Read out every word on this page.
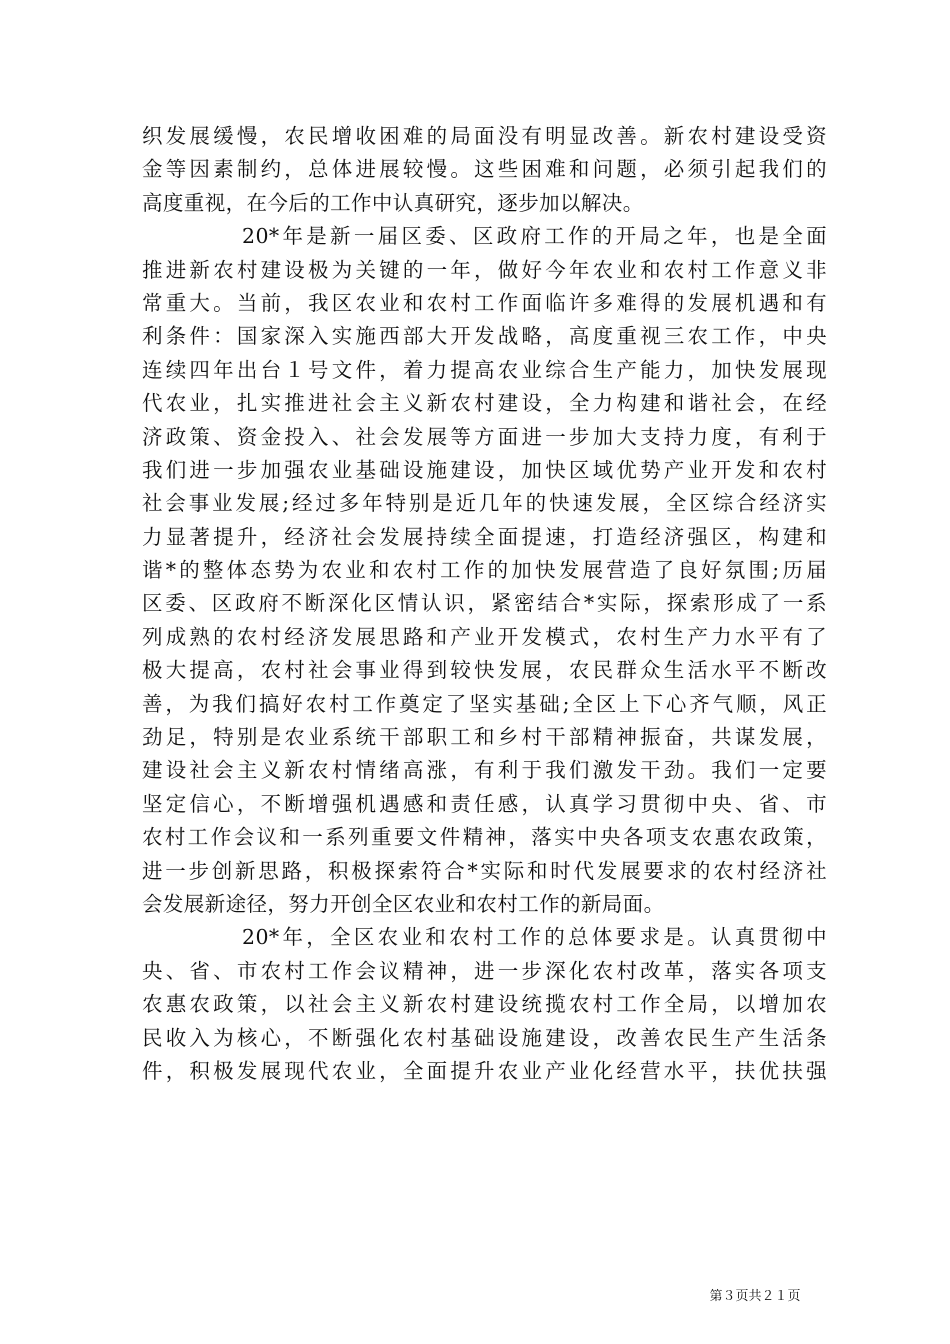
织发展缓慢，农民增收困难的局面没有明显改善。新农村建设受资
金等因素制约，总体进展较慢。这些困难和问题，必须引起我们的
高度重视，在今后的工作中认真研究，逐步加以解决。
20*年是新一届区委、区政府工作的开局之年，也是全面
推进新农村建设极为关键的一年，做好今年农业和农村工作意义非
常重大。当前，我区农业和农村工作面临许多难得的发展机遇和有
利条件：国家深入实施西部大开发战略，高度重视三农工作，中央
连续四年出台１号文件，着力提高农业综合生产能力，加快发展现
代农业，扎实推进社会主义新农村建设，全力构建和谐社会，在经
济政策、资金投入、社会发展等方面进一步加大支持力度，有利于
我们进一步加强农业基础设施建设，加快区域优势产业开发和农村
社会事业发展;经过多年特别是近几年的快速发展，全区综合经济实
力显著提升，经济社会发展持续全面提速，打造经济强区，构建和
谐*的整体态势为农业和农村工作的加快发展营造了良好氛围;历届
区委、区政府不断深化区情认识，紧密结合*实际，探索形成了一系
列成熟的农村经济发展思路和产业开发模式，农村生产力水平有了
极大提高，农村社会事业得到较快发展，农民群众生活水平不断改
善，为我们搞好农村工作奠定了坚实基础;全区上下心齐气顺，风正
劲足，特别是农业系统干部职工和乡村干部精神振奋，共谋发展，
建设社会主义新农村情绪高涨，有利于我们激发干劲。我们一定要
坚定信心，不断增强机遇感和责任感，认真学习贯彻中央、省、市
农村工作会议和一系列重要文件精神，落实中央各项支农惠农政策，
进一步创新思路，积极探索符合*实际和时代发展要求的农村经济社
会发展新途径，努力开创全区农业和农村工作的新局面。
20*年，全区农业和农村工作的总体要求是。认真贯彻中
央、省、市农村工作会议精神，进一步深化农村改革，落实各项支
农惠农政策，以社会主义新农村建设统揽农村工作全局，以增加农
民收入为核心，不断强化农村基础设施建设，改善农民生产生活条
件，积极发展现代农业，全面提升农业产业化经营水平，扶优扶强
第３页共２１页
